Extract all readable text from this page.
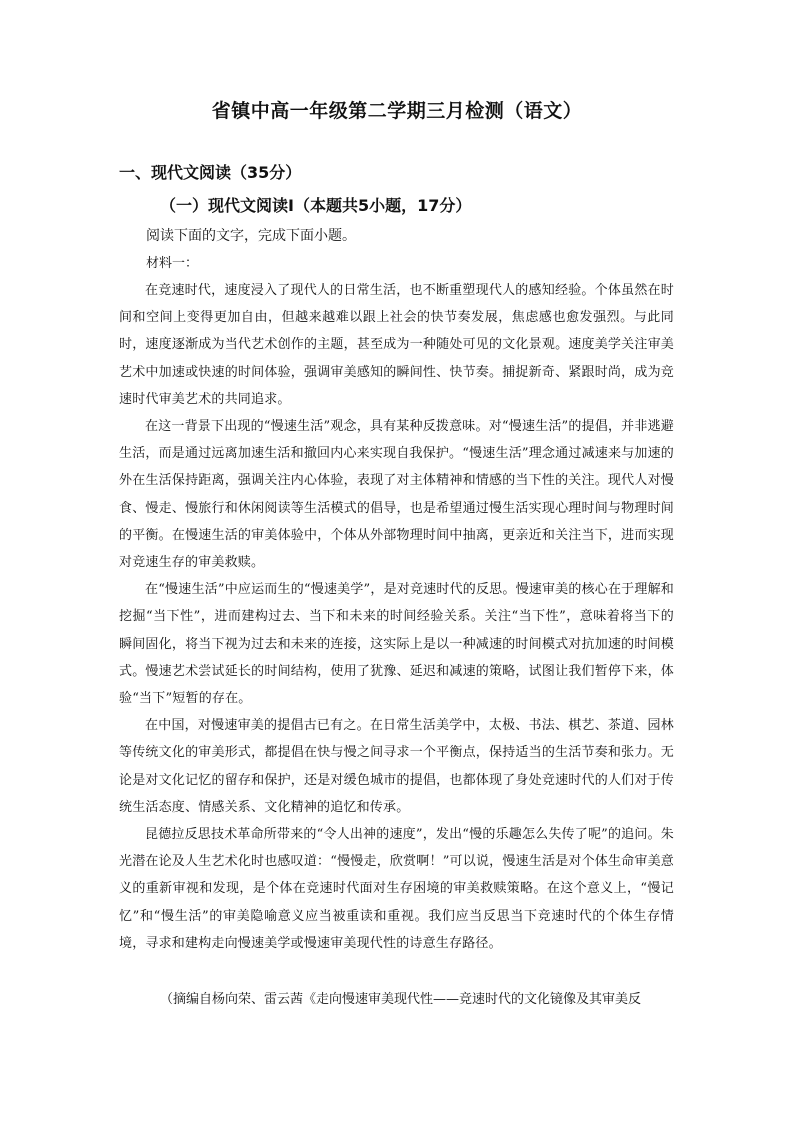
省镇中高一年级第二学期三月检测（语文）
一、现代文阅读（35分）
（一）现代文阅读Ⅰ（本题共5小题，17分）
阅读下面的文字，完成下面小题。
材料一：

在竞速时代，速度浸入了现代人的日常生活，也不断重塑现代人的感知经验。个体虽然在时间和空间上变得更加自由，但越来越难以跟上社会的快节奏发展，焦虑感也愈发强烈。与此同时，速度逐渐成为当代艺术创作的主题，甚至成为一种随处可见的文化景观。速度美学关注审美艺术中加速或快速的时间体验，强调审美感知的瞬间性、快节奏。捕捉新奇、紧跟时尚，成为竞速时代审美艺术的共同追求。

在这一背景下出现的“慢速生活”观念，具有某种反拨意味。对“慢速生活”的提倡，并非逃避生活，而是通过远离加速生活和撤回内心来实现自我保护。“慢速生活”理念通过减速来与加速的外在生活保持距离，强调关注内心体验，表现了对主体精神和情感的当下性的关注。现代人对慢食、慢走、慢旅行和休闲阅读等生活模式的倡导，也是希望通过慢生活实现心理时间与物理时间的平衡。在慢速生活的审美体验中，个体从外部物理时间中抽离，更亲近和关注当下，进而实现对竞速生存的审美救赎。

在“慢速生活”中应运而生的“慢速美学”，是对竞速时代的反思。慢速审美的核心在于理解和挖掘“当下性”，进而建构过去、当下和未来的时间经验关系。关注“当下性”，意味着将当下的瞬间固化，将当下视为过去和未来的连接，这实际上是以一种减速的时间模式对抗加速的时间模式。慢速艺术尝试延长的时间结构，使用了犹豫、延迟和减速的策略，试图让我们暂停下来，体验“当下”短暂的存在。

在中国，对慢速审美的提倡古已有之。在日常生活美学中，太极、书法、棋艺、茶道、园林等传统文化的审美形式，都提倡在快与慢之间寻求一个平衡点，保持适当的生活节奏和张力。无论是对文化记忆的留存和保护，还是对缓色城市的提倡，也都体现了身处竞速时代的人们对于传统生活态度、情感关系、文化精神的追忆和传承。

昆德拉反思技术革命所带来的“令人出神的速度”，发出“慢的乐趣怎么失传了呢”的追问。朱光潜在论及人生艺术化时也感叹道：“慢慢走，欣赏啊！”可以说，慢速生活是对个体生命审美意义的重新审视和发现，是个体在竞速时代面对生存困境的审美救赎策略。在这个意义上，“慢记忆”和“慢生活”的审美隐喻意义应当被重读和重视。我们应当反思当下竞速时代的个体生存情境，寻求和建构走向慢速美学或慢速审美现代性的诗意生存路径。

（摘编自杨向荣、雷云茜《走向慢速审美现代性——竞速时代的文化镜像及其审美反
